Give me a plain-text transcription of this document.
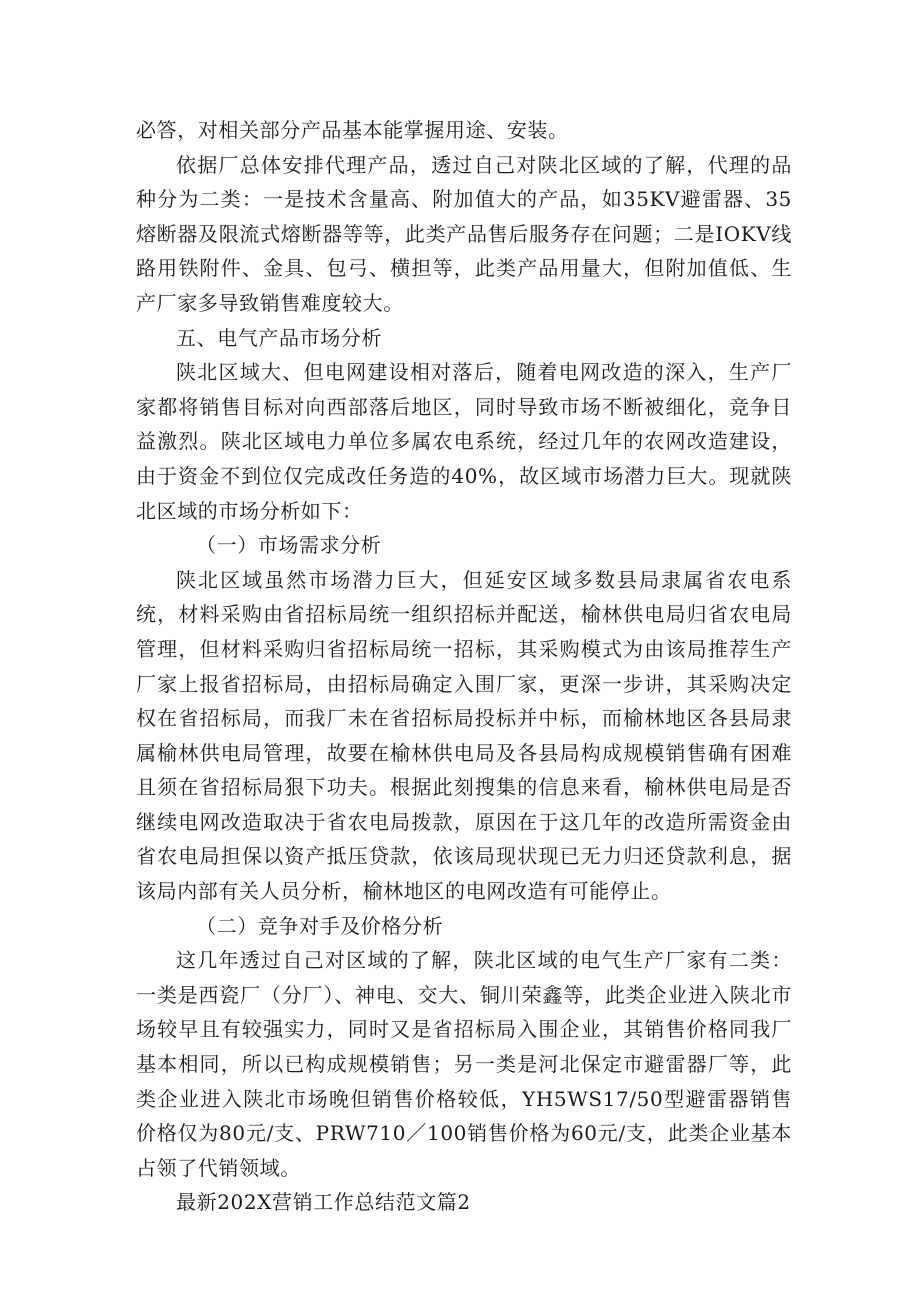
必答，对相关部分产品基本能掌握用途、安装。

依据厂总体安排代理产品，透过自己对陕北区域的了解，代理的品种分为二类：一是技术含量高、附加值大的产品，如35KV避雷器、35熔断器及限流式熔断器等等，此类产品售后服务存在问题；二是IOKV线路用铁附件、金具、包弓、横担等，此类产品用量大，但附加值低、生产厂家多导致销售难度较大。

五、电气产品市场分析

陕北区域大、但电网建设相对落后，随着电网改造的深入，生产厂家都将销售目标对向西部落后地区，同时导致市场不断被细化，竞争日益激烈。陕北区域电力单位多属农电系统，经过几年的农网改造建设，由于资金不到位仅完成改任务造的40%，故区域市场潜力巨大。现就陕北区域的市场分析如下：

（一）市场需求分析

陕北区域虽然市场潜力巨大，但延安区域多数县局隶属省农电系统，材料采购由省招标局统一组织招标并配送，榆林供电局归省农电局管理，但材料采购归省招标局统一招标，其采购模式为由该局推荐生产厂家上报省招标局，由招标局确定入围厂家，更深一步讲，其采购决定权在省招标局，而我厂未在省招标局投标并中标，而榆林地区各县局隶属榆林供电局管理，故要在榆林供电局及各县局构成规模销售确有困难且须在省招标局狠下功夫。根据此刻搜集的信息来看，榆林供电局是否继续电网改造取决于省农电局拨款，原因在于这几年的改造所需资金由省农电局担保以资产抵压贷款，依该局现状现已无力归还贷款利息，据该局内部有关人员分析，榆林地区的电网改造有可能停止。

（二）竞争对手及价格分析

这几年透过自己对区域的了解，陕北区域的电气生产厂家有二类：一类是西瓷厂（分厂）、神电、交大、铜川荣鑫等，此类企业进入陕北市场较早且有较强实力，同时又是省招标局入围企业，其销售价格同我厂基本相同，所以已构成规模销售；另一类是河北保定市避雷器厂等，此类企业进入陕北市场晚但销售价格较低，YH5WS17/50型避雷器销售价格仅为80元/支、PRW710／100销售价格为60元/支，此类企业基本占领了代销领域。

最新202X营销工作总结范文篇2
